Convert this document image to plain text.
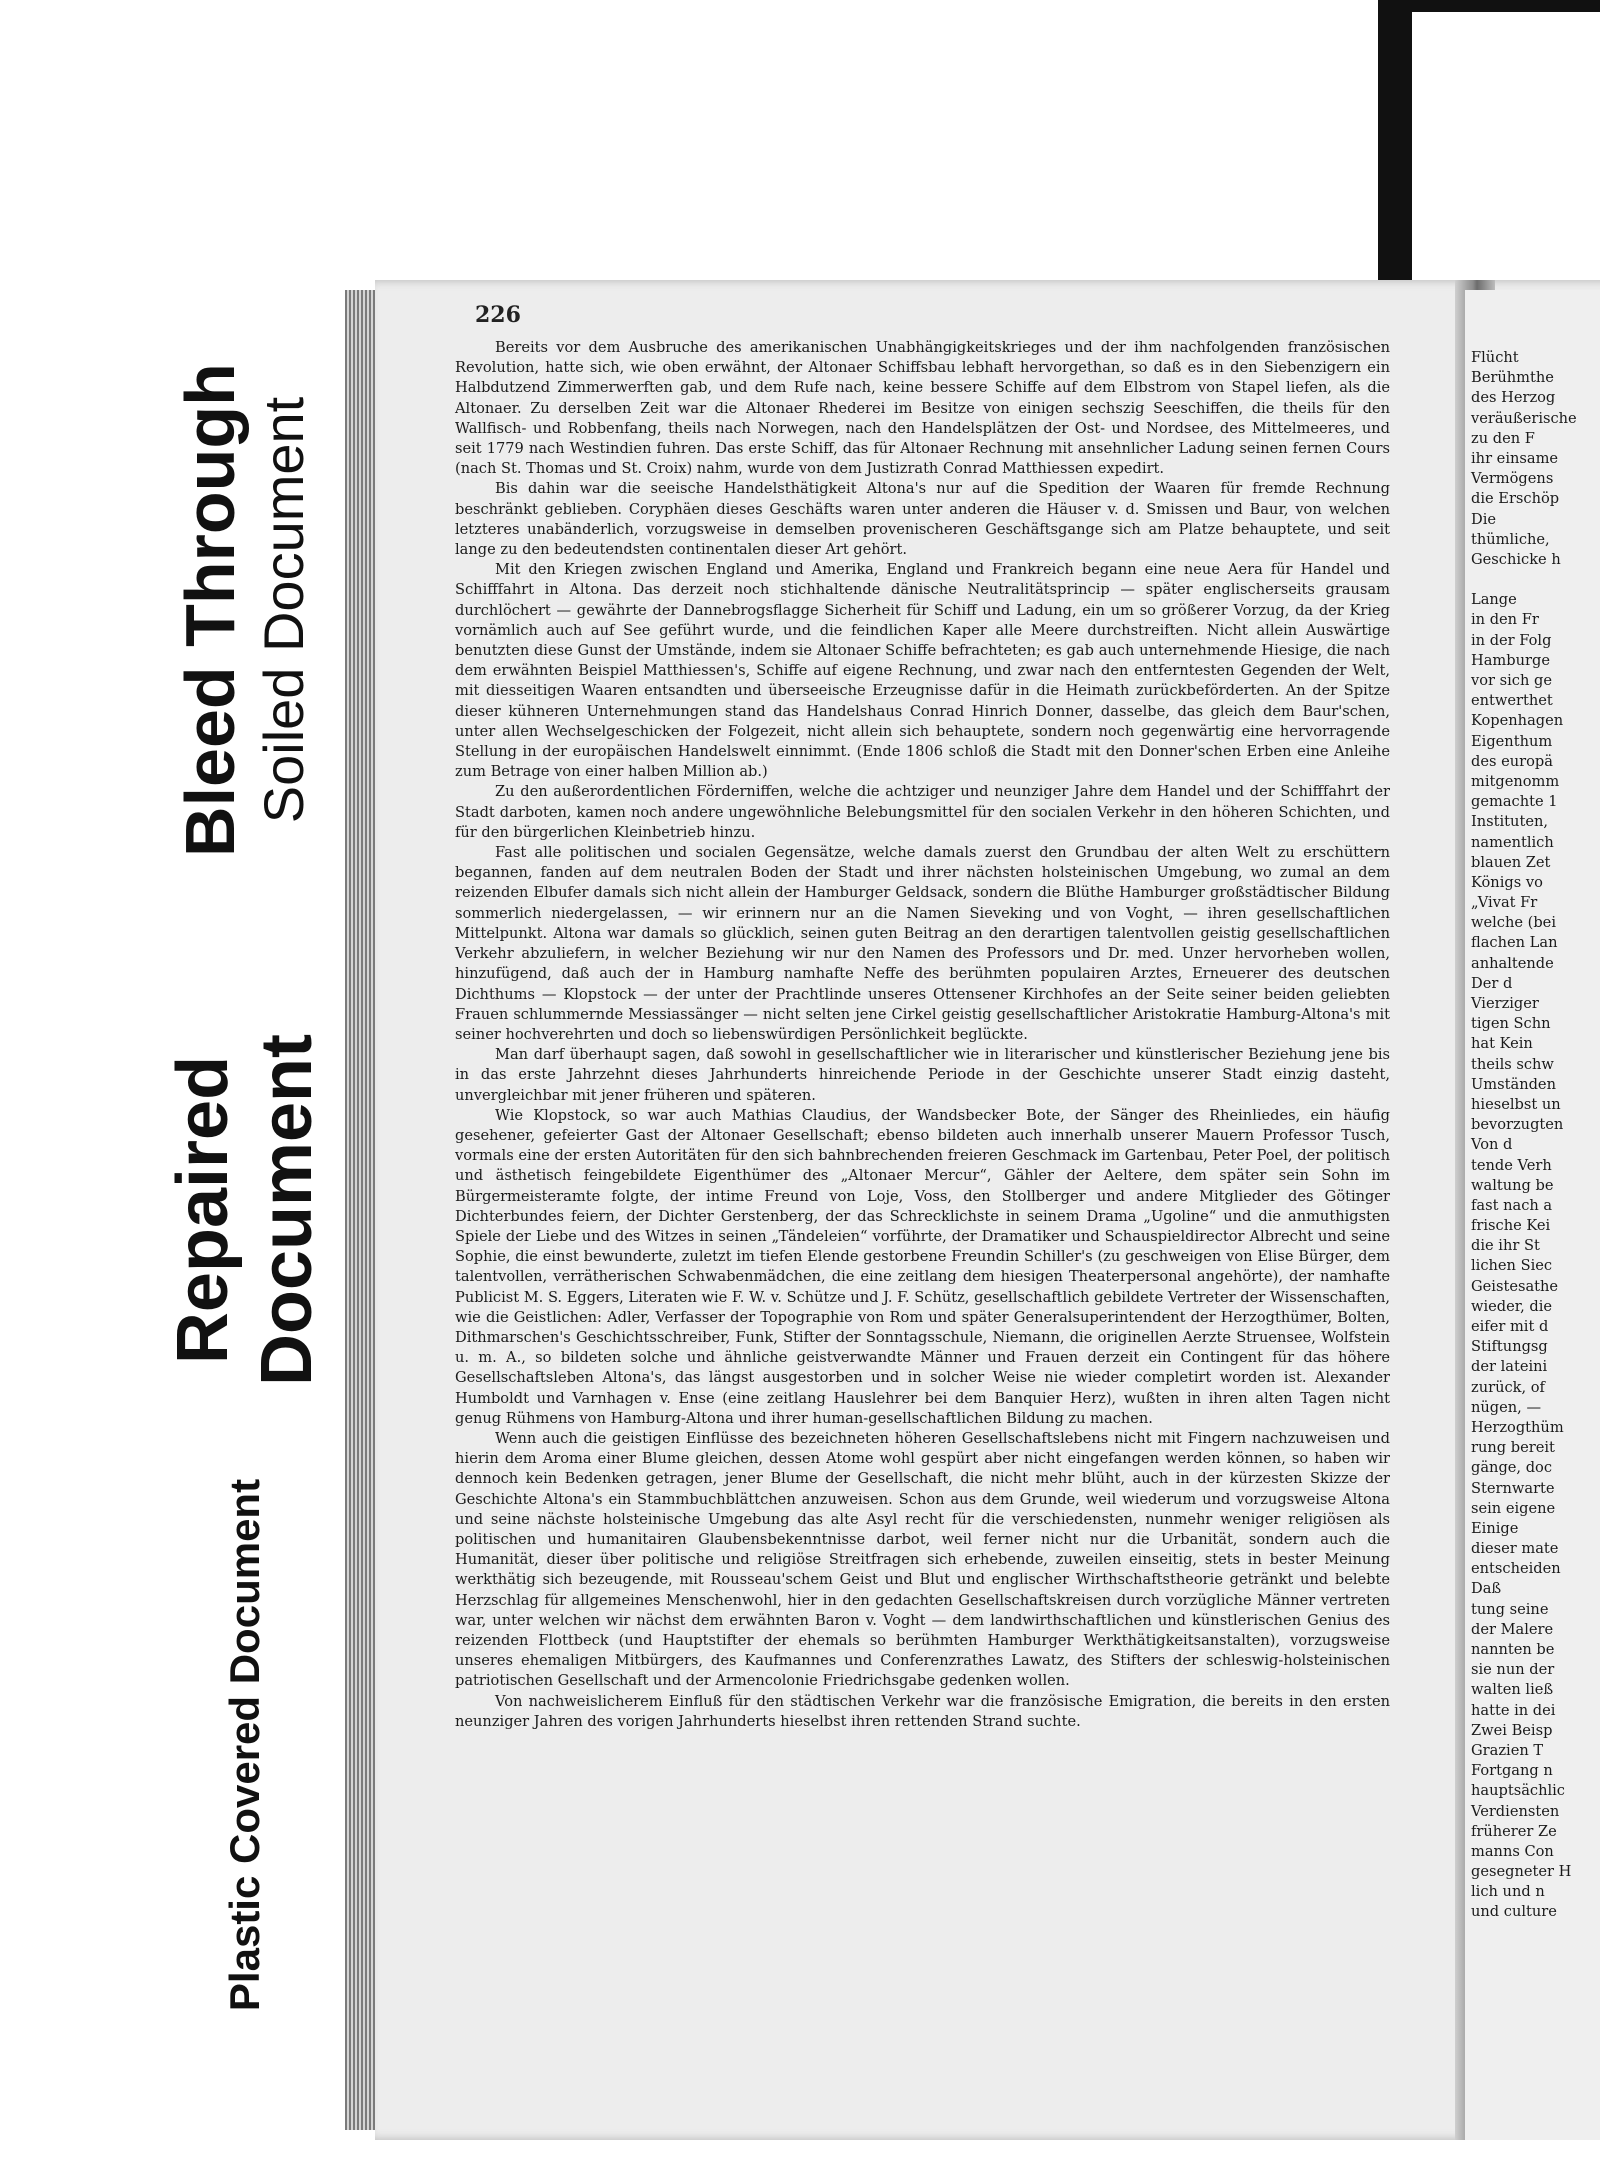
Bleed Through Soiled Document
Repaired Document
Plastic Covered Document
226

Bereits vor dem Ausbruche des amerikanischen Unabhängigkeitskrieges und der ihm nachfolgenden französischen Revolution, hatte sich, wie oben erwähnt, der Altonaer Schiffsbau lebhaft hervorgethan, so daß es in den Siebenzigern ein Halbdutzend Zimmerwerften gab, und dem Rufe nach, keine bessere Schiffe auf dem Elbstrom von Stapel liefen, als die Altonaer. Zu derselben Zeit war die Altonaer Rhederei im Besitze von einigen sechszig Seeschiffen, die theils für den Wallfisch- und Robbenfang, theils nach Norwegen, nach den Handelsplätzen der Ost- und Nordsee, des Mittelmeeres, und seit 1779 nach Westindien fuhren. Das erste Schiff, das für Altonaer Rechnung mit ansehnlicher Ladung seinen fernen Cours (nach St. Thomas und St. Croix) nahm, wurde von dem Justizrath Conrad Matthiessen expedirt.

Bis dahin war die seeische Handelsthätigkeit Altona's nur auf die Spedition der Waaren für fremde Rechnung beschränkt geblieben. Coryphäen dieses Geschäfts waren unter anderen die Häuser v. d. Smissen und Baur, von welchen letzteres unabänderlich, vorzugsweise in demselben provenischeren Geschäftsgange sich am Platze behauptete, und seit lange zu den bedeutendsten continentalen dieser Art gehört.

Mit den Kriegen zwischen England und Amerika, England und Frankreich begann eine neue Aera für Handel und Schifffahrt in Altona. Das derzeit noch stichhaltende dänische Neutralitätsprincip — später englischerseits grausam durchlöchert — gewährte der Dannebrogsflagge Sicherheit für Schiff und Ladung, ein um so größerer Vorzug, da der Krieg vornämlich auch auf See geführt wurde, und die feindlichen Kaper alle Meere durchstreiften. Nicht allein Auswärtige benutzten diese Gunst der Umstände, indem sie Altonaer Schiffe befrachteten; es gab auch unternehmende Hiesige, die nach dem erwähnten Beispiel Matthiessen's, Schiffe auf eigene Rechnung, und zwar nach den entferntesten Gegenden der Welt, mit diesseitigen Waaren entsandten und überseeische Erzeugnisse dafür in die Heimath zurückbeförderten. An der Spitze dieser kühneren Unternehmungen stand das Handelshaus Conrad Hinrich Donner, dasselbe, das gleich dem Baur'schen, unter allen Wechselgeschicken der Folgezeit, nicht allein sich behauptete, sondern noch gegenwärtig eine hervorragende Stellung in der europäischen Handelswelt einnimmt. (Ende 1806 schloß die Stadt mit den Donner'schen Erben eine Anleihe zum Betrage von einer halben Million ab.)

Zu den außerordentlichen Förderniffen, welche die achtziger und neunziger Jahre dem Handel und der Schifffahrt der Stadt darboten, kamen noch andere ungewöhnliche Belebungsmittel für den socialen Verkehr in den höheren Schichten, und für den bürgerlichen Kleinbetrieb hinzu.

Fast alle politischen und socialen Gegensätze, welche damals zuerst den Grundbau der alten Welt zu erschüttern begannen, fanden auf dem neutralen Boden der Stadt und ihrer nächsten holsteinischen Umgebung, wo zumal an dem reizenden Elbufer damals sich nicht allein der Hamburger Geldsack, sondern die Blüthe Hamburger großstädtischer Bildung sommerlich niedergelassen, — wir erinnern nur an die Namen Sieveking und von Voght, — ihren gesellschaftlichen Mittelpunkt. Altona war damals so glücklich, seinen guten Beitrag an den derartigen talentvollen geistig gesellschaftlichen Verkehr abzuliefern, in welcher Beziehung wir nur den Namen des Professors und Dr. med. Unzer hervorheben wollen, hinzufügend, daß auch der in Hamburg namhafte Neffe des berühmten populairen Arztes, Erneuerer des deutschen Dichthums — Klopstock — der unter der Prachtlinde unseres Ottensener Kirchhofes an der Seite seiner beiden geliebten Frauen schlummernde Messiassänger — nicht selten jene Cirkel geistig gesellschaftlicher Aristokratie Hamburg-Altona's mit seiner hochverehrten und doch so liebenswürdigen Persönlichkeit beglückte.

Man darf überhaupt sagen, daß sowohl in gesellschaftlicher wie in literarischer und künstlerischer Beziehung jene bis in das erste Jahrzehnt dieses Jahrhunderts hinreichende Periode in der Geschichte unserer Stadt einzig dasteht, unvergleichbar mit jener früheren und späteren.

Wie Klopstock, so war auch Mathias Claudius, der Wandsbecker Bote, der Sänger des Rheinliedes, ein häufig gesehener, gefeierter Gast der Altonaer Gesellschaft; ebenso bildeten auch innerhalb unserer Mauern Professor Tusch, vormals eine der ersten Autoritäten für den sich bahnbrechenden freieren Geschmack im Gartenbau, Peter Poel, der politisch und ästhetisch feingebildete Eigenthümer des „Altonaer Mercur“, Gähler der Aeltere, dem später sein Sohn im Bürgermeisteramte folgte, der intime Freund von Loje, Voss, den Stollberger und andere Mitglieder des Götinger Dichterbundes feiern, der Dichter Gerstenberg, der das Schrecklichste in seinem Drama „Ugoline“ und die anmuthigsten Spiele der Liebe und des Witzes in seinen „Tändeleien“ vorführte, der Dramatiker und Schauspieldirector Albrecht und seine Sophie, die einst bewunderte, zuletzt im tiefen Elende gestorbene Freundin Schiller's (zu geschweigen von Elise Bürger, dem talentvollen, verrätherischen Schwabenmädchen, die eine zeitlang dem hiesigen Theaterpersonal angehörte), der namhafte Publicist M. S. Eggers, Literaten wie F. W. v. Schütze und J. F. Schütz, gesellschaftlich gebildete Vertreter der Wissenschaften, wie die Geistlichen: Adler, Verfasser der Topographie von Rom und später Generalsuperintendent der Herzogthümer, Bolten, Dithmarschen's Geschichtsschreiber, Funk, Stifter der Sonntagsschule, Niemann, die originellen Aerzte Struensee, Wolfstein u. m. A., so bildeten solche und ähnliche geistverwandte Männer und Frauen derzeit ein Contingent für das höhere Gesellschaftsleben Altona's, das längst ausgestorben und in solcher Weise nie wieder completirt worden ist. Alexander Humboldt und Varnhagen v. Ense (eine zeitlang Hauslehrer bei dem Banquier Herz), wußten in ihren alten Tagen nicht genug Rühmens von Hamburg-Altona und ihrer human-gesellschaftlichen Bildung zu machen.

Wenn auch die geistigen Einflüsse des bezeichneten höheren Gesellschaftslebens nicht mit Fingern nachzuweisen und hierin dem Aroma einer Blume gleichen, dessen Atome wohl gespürt aber nicht eingefangen werden können, so haben wir dennoch kein Bedenken getragen, jener Blume der Gesellschaft, die nicht mehr blüht, auch in der kürzesten Skizze der Geschichte Altona's ein Stammbuchblättchen anzuweisen. Schon aus dem Grunde, weil wiederum und vorzugsweise Altona und seine nächste holsteinische Umgebung das alte Asyl recht für die verschiedensten, nunmehr weniger religiösen als politischen und humanitairen Glaubensbekenntnisse darbot, weil ferner nicht nur die Urbanität, sondern auch die Humanität, dieser über politische und religiöse Streitfragen sich erhebende, zuweilen einseitig, stets in bester Meinung werkthätig sich bezeugende, mit Rousseau'schem Geist und Blut und englischer Wirthschaftstheorie getränkt und belebte Herzschlag für allgemeines Menschenwohl, hier in den gedachten Gesellschaftskreisen durch vorzügliche Männer vertreten war, unter welchen wir nächst dem erwähnten Baron v. Voght — dem landwirthschaftlichen und künstlerischen Genius des reizenden Flottbeck (und Hauptstifter der ehemals so berühmten Hamburger Werkthätigkeitsanstalten), vorzugsweise unseres ehemaligen Mitbürgers, des Kaufmannes und Conferenzrathes Lawatz, des Stifters der schleswig-holsteinischen patriotischen Gesellschaft und der Armencolonie Friedrichsgabe gedenken wollen.

Von nachweislicherem Einfluß für den städtischen Verkehr war die französische Emigration, die bereits in den ersten neunziger Jahren des vorigen Jahrhunderts hieselbst ihren rettenden Strand suchte.

Flücht
Berühmthe
des Herzog
veräußerische
zu den F
ihr einsame
Vermögens
die Erschöp
Die
thümliche,
Geschicke h
Lange
in den Fr
in der Folg
Hamburge
vor sich ge
entwerthet
Kopenhagen
Eigenthum
des europä
mitgenomm
gemachte 1
Instituten,
namentlich
blauen Zet
Königs vo
„Vivat Fr
welche (bei
flachen Lan
anhaltende
Der d
Vierziger
tigen Schn
hat Kein
theils schw
Umständen
hieselbst un
bevorzugten
Von d
tende Verh
waltung be
fast nach a
frische Kei
die ihr St
lichen Siec
Geistesathe
wieder, die
eifer mit d
Stiftungsg
der lateini
zurück, of
nügen, —
Herzogthüm
rung bereit
gänge, doc
Sternwarte
sein eigene
Einige
dieser mate
entscheiden
Daß
tung seine
der Malere
nannten be
sie nun der
walten ließ
hatte in dei
Zwei Beisp
Grazien T
Fortgang n
hauptsächlic
Verdiensten
früherer Ze
manns Con
gesegneter H
lich und n
und culture
